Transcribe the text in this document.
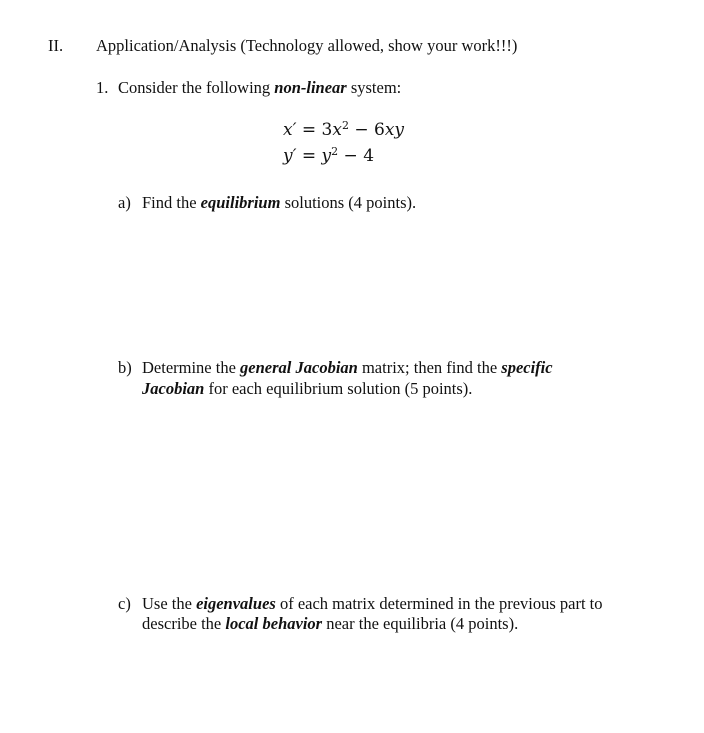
II. Application/Analysis (Technology allowed, show your work!!!)
1. Consider the following non-linear system:
$x' = 3x^2 - 6xy$
$y' = y^2 - 4$
a) Find the equilibrium solutions (4 points).
b) Determine the general Jacobian matrix; then find the specific
Jacobian for each equilibrium solution (5 points).
c) Use the eigenvalues of each matrix determined in the previous part to
describe the local behavior near the equilibria (4 points).
